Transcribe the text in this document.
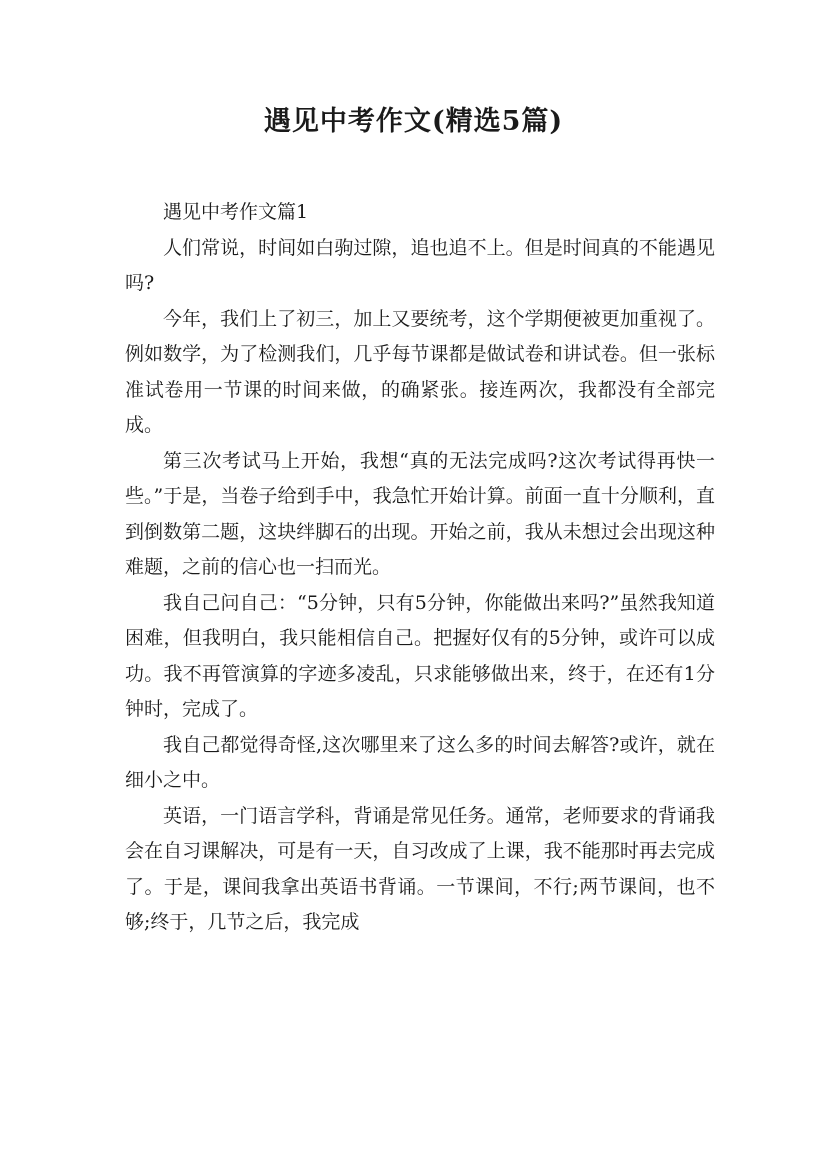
遇见中考作文(精选5篇)

遇见中考作文篇1

人们常说，时间如白驹过隙，追也追不上。但是时间真的不能遇见吗?

今年，我们上了初三，加上又要统考，这个学期便被更加重视了。例如数学，为了检测我们，几乎每节课都是做试卷和讲试卷。但一张标准试卷用一节课的时间来做，的确紧张。接连两次，我都没有全部完成。

第三次考试马上开始，我想“真的无法完成吗?这次考试得再快一些。”于是，当卷子给到手中，我急忙开始计算。前面一直十分顺利，直到倒数第二题，这块绊脚石的出现。开始之前，我从未想过会出现这种难题，之前的信心也一扫而光。

我自己问自己：“5分钟，只有5分钟，你能做出来吗?”虽然我知道困难，但我明白，我只能相信自己。把握好仅有的5分钟，或许可以成功。我不再管演算的字迹多凌乱，只求能够做出来，终于，在还有1分钟时，完成了。

我自己都觉得奇怪,这次哪里来了这么多的时间去解答?或许，就在细小之中。

英语，一门语言学科，背诵是常见任务。通常，老师要求的背诵我会在自习课解决，可是有一天，自习改成了上课，我不能那时再去完成了。于是，课间我拿出英语书背诵。一节课间，不行;两节课间，也不够;终于，几节之后，我完成
